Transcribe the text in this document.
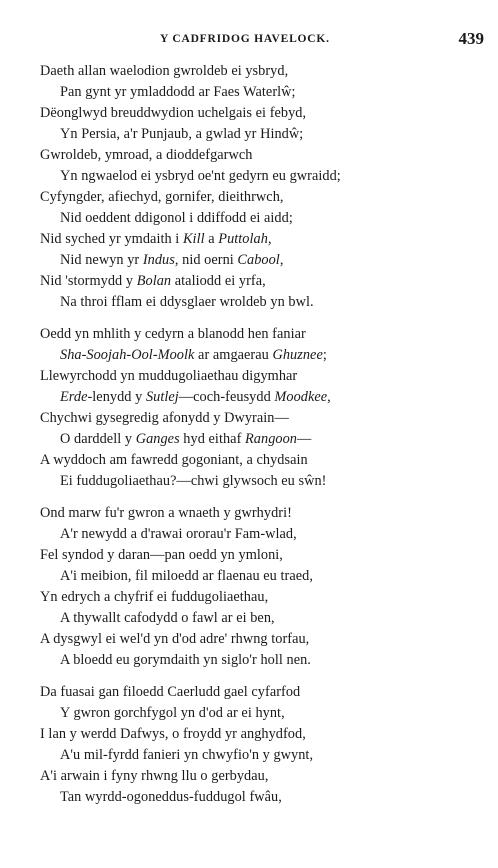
Y CADFRIDOG HAVELOCK.	439
Daeth allan waelodion gwroldeb ei ysbryd,
Pan gynt yr ymladdodd ar Faes Waterlŵ;
Dëonglwyd breuddwydion uchelgais ei febyd,
Yn Persia, a'r Punjaub, a gwlad yr Hindŵ;
Gwroldeb, ymroad, a dioddefgarwch
Yn ngwaelod ei ysbryd oe'nt gedyrn eu gwraidd;
Cyfyngder, afiechyd, gornifer, dieithrwch,
Nid oeddent ddigonol i ddiffodd ei aidd;
Nid syched yr ymdaith i Kill a Puttolah,
Nid newyn yr Indus, nid oerni Cabool,
Nid 'stormydd y Bolan ataliodd ei yrfa,
Na throi fflam ei ddysglaer wroldeb yn bwl.
Oedd yn mhlith y cedyrn a blanodd hen faniar
Sha-Soojah-Ool-Moolk ar amgaerau Ghuznee;
Llewyrchodd yn muddugoliaethau digymhar
Erde-lenydd y Sutlej—coch-feusydd Moodkee,
Chychwi gysegredig afonydd y Dwyrain—
O darddell y Ganges hyd eithaf Rangoon—
A wyddoch am fawredd gogoniant, a chydsain
Ei fuddugoliaethau?—chwi glywsoch eu sŵn!
Ond marw fu'r gwron a wnaeth y gwrhydri!
A'r newydd a d'rawai ororau'r Fam-wlad,
Fel syndod y daran—pan oedd yn ymloni,
A'i meibion, fil miloedd ar flaenau eu traed,
Yn edrych a chyfrif ei fuddugoliaethau,
A thywallt cafodydd o fawl ar ei ben,
A dysgwyl ei wel'd yn d'od adre' rhwng torfau,
A bloedd eu gorymdaith yn siglo'r holl nen.
Da fuasai gan filoedd Caerludd gael cyfarfod
Y gwron gorchfygol yn d'od ar ei hynt,
I lan y werdd Dafwys, o froydd yr anghydfod,
A'u mil-fyrdd fanieri yn chwyfio'n y gwynt,
A'i arwain i fyny rhwng llu o gerbydau,
Tan wyrdd-ogoneddus-fuddugol fwâu,
